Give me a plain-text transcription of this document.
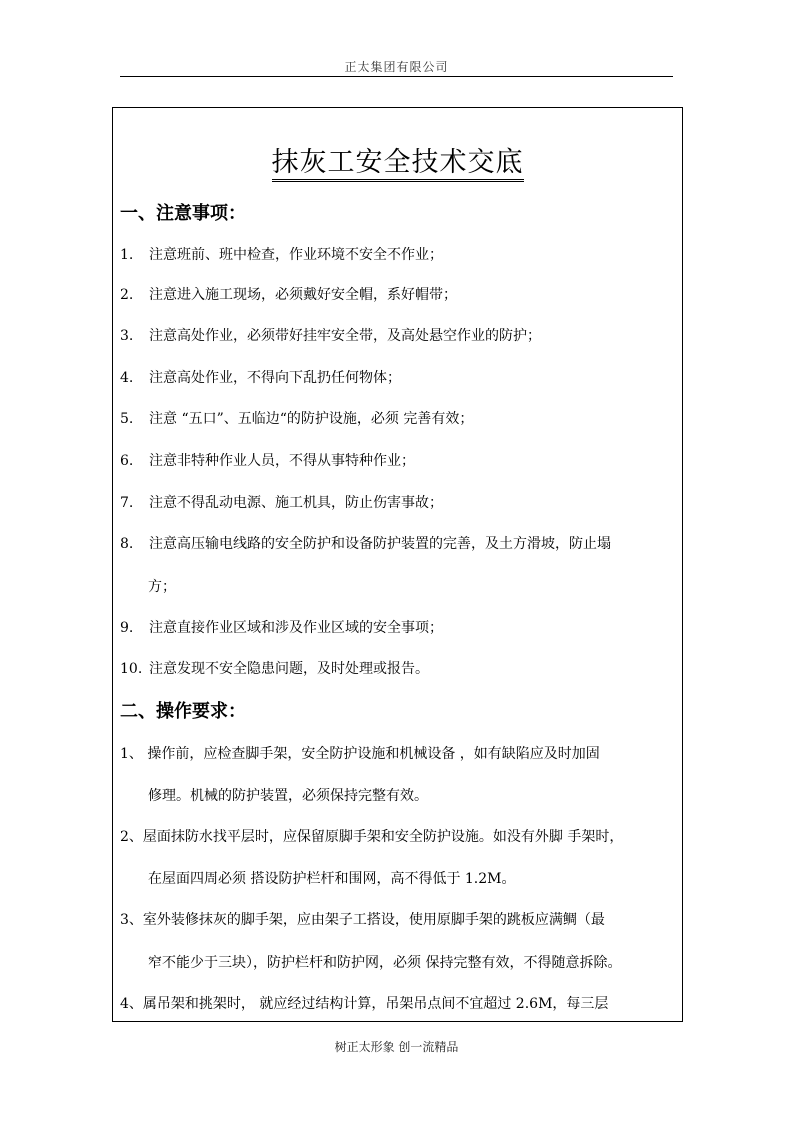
正太集团有限公司
抹灰工安全技术交底
一、注意事项：
1. 注意班前、班中检查，作业环境不安全不作业；
2. 注意进入施工现场，必须戴好安全帽，系好帽带；
3. 注意高处作业，必须带好挂牢安全带，及高处悬空作业的防护；
4. 注意高处作业，不得向下乱扔任何物体；
5. 注意 “五口”、五临边“的防护设施，必须 完善有效；
6. 注意非特种作业人员，不得从事特种作业；
7. 注意不得乱动电源、施工机具，防止伤害事故；
8. 注意高压输电线路的安全防护和设备防护装置的完善，及土方滑坡，防止塌
方；
9. 注意直接作业区域和涉及作业区域的安全事项；
10. 注意发现不安全隐患问题，及时处理或报告。
二、操作要求：
1、 操作前，应检查脚手架，安全防护设施和机械设备 ，如有缺陷应及时加固
修理。机械的防护装置，必须保持完整有效。
2、屋面抹防水找平层时，应保留原脚手架和安全防护设施。如没有外脚 手架时，
在屋面四周必须 搭设防护栏杆和围网，高不得低于 1.2M。
3、室外装修抹灰的脚手架，应由架子工搭设，使用原脚手架的跳板应满鲷（最
窄不能少于三块），防护栏杆和防护网，必须 保持完整有效，不得随意拆除。
4、属吊架和挑架时， 就应经过结构计算，吊架吊点间不宜超过 2.6M，每三层
树正太形象 创一流精品
